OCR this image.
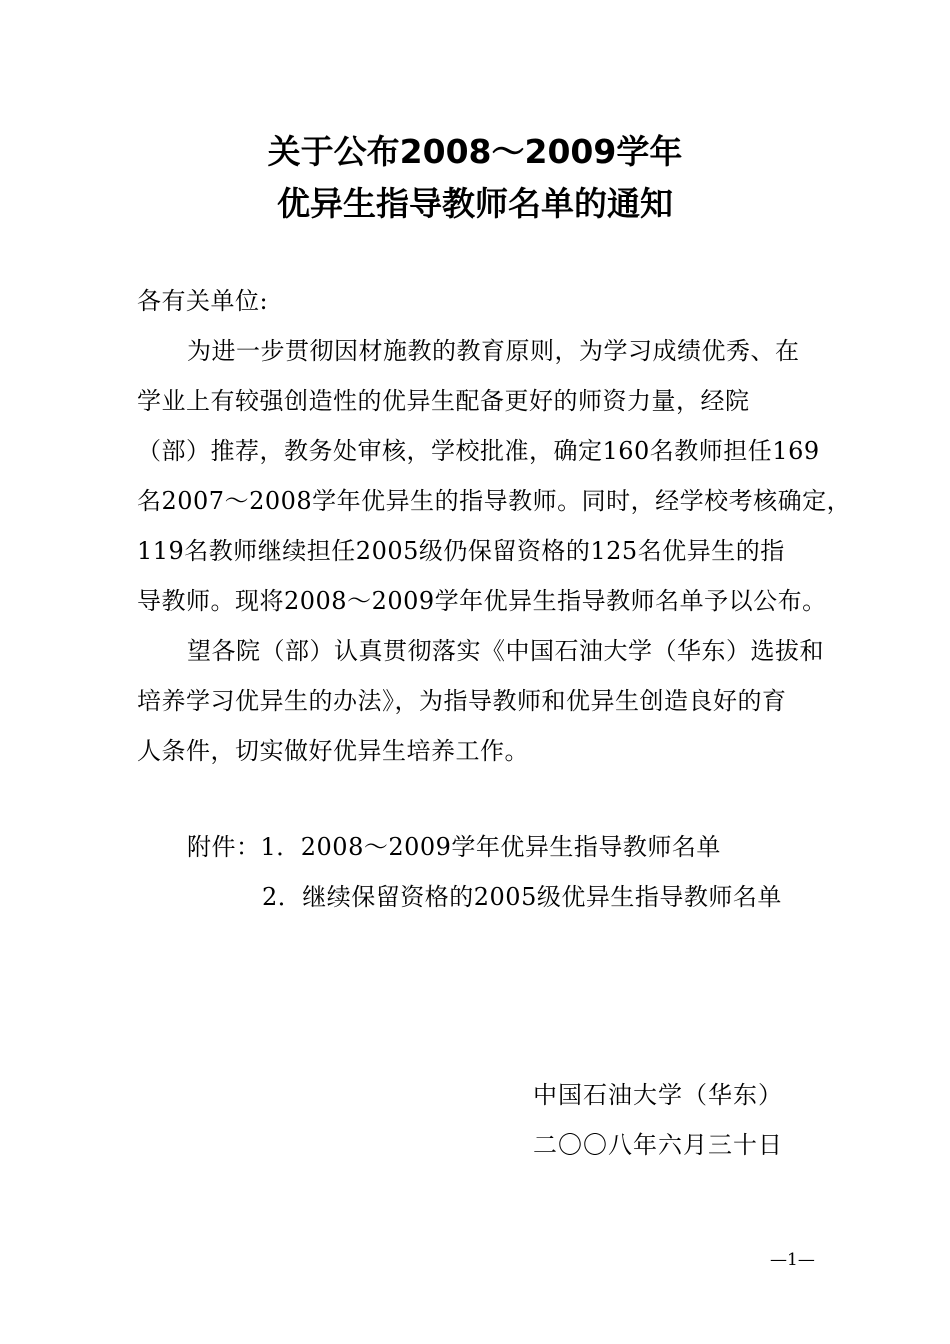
关于公布2008～2009学年
优异生指导教师名单的通知
各有关单位:
为进一步贯彻因材施教的教育原则，为学习成绩优秀、在
学业上有较强创造性的优异生配备更好的师资力量，经院
（部）推荐，教务处审核，学校批准，确定160名教师担任169
名2007～2008学年优异生的指导教师。同时，经学校考核确定，
119名教师继续担任2005级仍保留资格的125名优异生的指
导教师。现将2008～2009学年优异生指导教师名单予以公布。
望各院（部）认真贯彻落实《中国石油大学（华东）选拔和
培养学习优异生的办法》，为指导教师和优异生创造良好的育
人条件，切实做好优异生培养工作。
附件：1．2008～2009学年优异生指导教师名单
2．继续保留资格的2005级优异生指导教师名单
中国石油大学（华东）
二〇〇八年六月三十日
—1—
